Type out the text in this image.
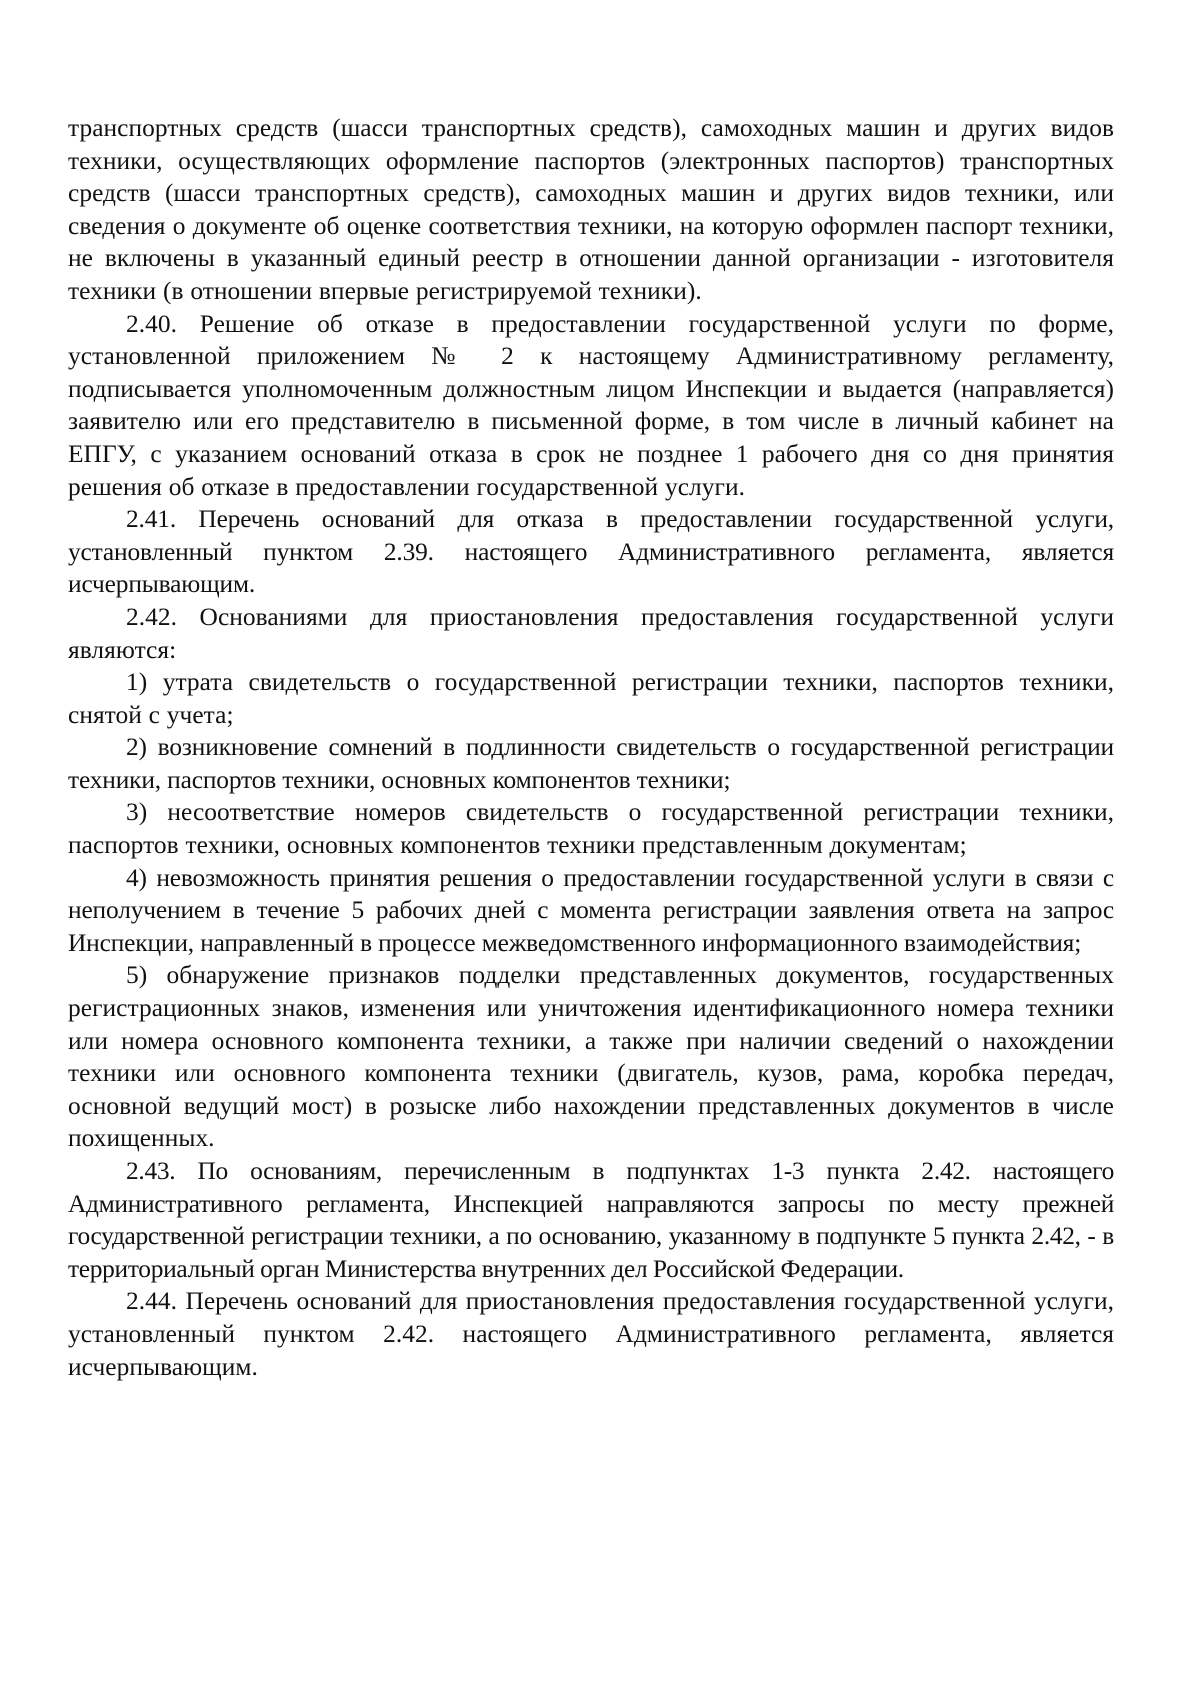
транспортных средств (шасси транспортных средств), самоходных машин и других видов техники, осуществляющих оформление паспортов (электронных паспортов) транспортных средств (шасси транспортных средств), самоходных машин и других видов техники, или сведения о документе об оценке соответствия техники, на которую оформлен паспорт техники, не включены в указанный единый реестр в отношении данной организации - изготовителя техники (в отношении впервые регистрируемой техники).

2.40. Решение об отказе в предоставлении государственной услуги по форме, установленной приложением № 2 к настоящему Административному регламенту, подписывается уполномоченным должностным лицом Инспекции и выдается (направляется) заявителю или его представителю в письменной форме, в том числе в личный кабинет на ЕПГУ, с указанием оснований отказа в срок не позднее 1 рабочего дня со дня принятия решения об отказе в предоставлении государственной услуги.

2.41. Перечень оснований для отказа в предоставлении государственной услуги, установленный пунктом 2.39. настоящего Административного регламента, является исчерпывающим.

2.42. Основаниями для приостановления предоставления государственной услуги являются:

1) утрата свидетельств о государственной регистрации техники, паспортов техники, снятой с учета;

2) возникновение сомнений в подлинности свидетельств о государственной регистрации техники, паспортов техники, основных компонентов техники;

3) несоответствие номеров свидетельств о государственной регистрации техники, паспортов техники, основных компонентов техники представленным документам;

4) невозможность принятия решения о предоставлении государственной услуги в связи с неполучением в течение 5 рабочих дней с момента регистрации заявления ответа на запрос Инспекции, направленный в процессе межведомственного информационного взаимодействия;

5) обнаружение признаков подделки представленных документов, государственных регистрационных знаков, изменения или уничтожения идентификационного номера техники или номера основного компонента техники, а также при наличии сведений о нахождении техники или основного компонента техники (двигатель, кузов, рама, коробка передач, основной ведущий мост) в розыске либо нахождении представленных документов в числе похищенных.

2.43. По основаниям, перечисленным в подпунктах 1-3 пункта 2.42. настоящего Административного регламента, Инспекцией направляются запросы по месту прежней государственной регистрации техники, а по основанию, указанному в подпункте 5 пункта 2.42, - в территориальный орган Министерства внутренних дел Российской Федерации.

2.44. Перечень оснований для приостановления предоставления государственной услуги, установленный пунктом 2.42. настоящего Административного регламента, является исчерпывающим.
